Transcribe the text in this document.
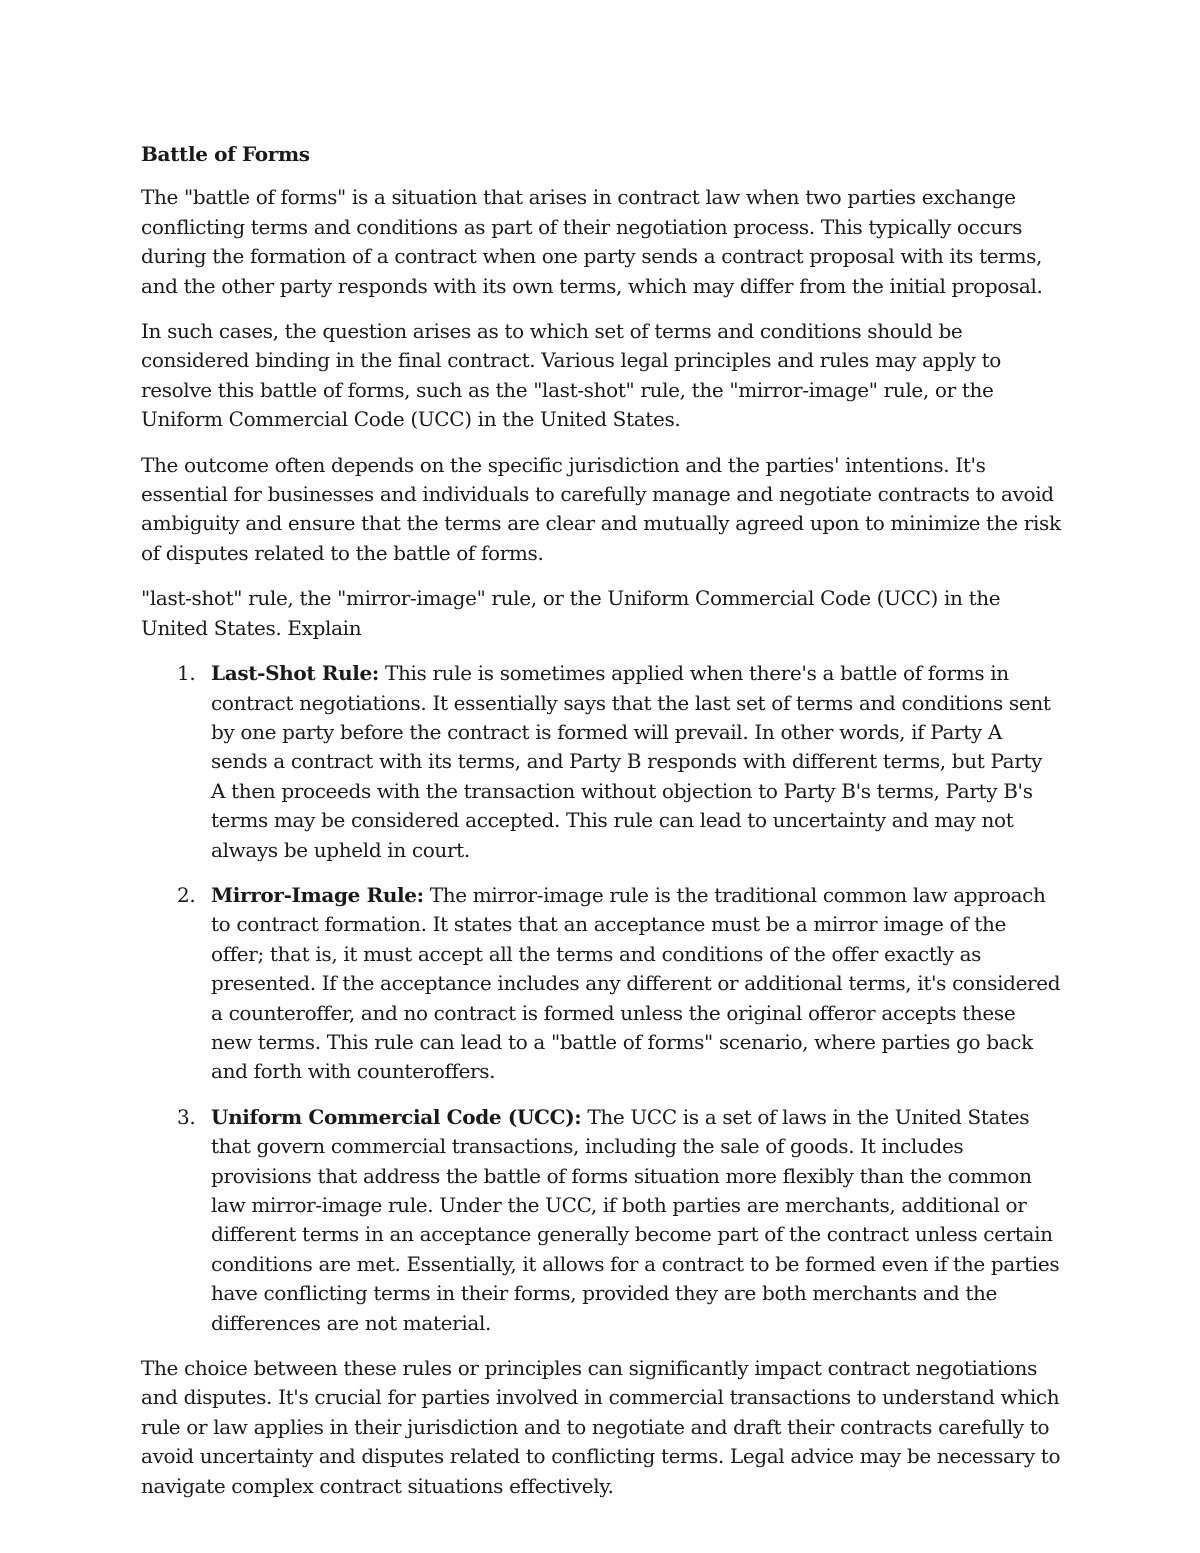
Battle of Forms

The "battle of forms" is a situation that arises in contract law when two parties exchange conflicting terms and conditions as part of their negotiation process. This typically occurs during the formation of a contract when one party sends a contract proposal with its terms, and the other party responds with its own terms, which may differ from the initial proposal.

In such cases, the question arises as to which set of terms and conditions should be considered binding in the final contract. Various legal principles and rules may apply to resolve this battle of forms, such as the "last-shot" rule, the "mirror-image" rule, or the Uniform Commercial Code (UCC) in the United States.

The outcome often depends on the specific jurisdiction and the parties' intentions. It's essential for businesses and individuals to carefully manage and negotiate contracts to avoid ambiguity and ensure that the terms are clear and mutually agreed upon to minimize the risk of disputes related to the battle of forms.

"last-shot" rule, the "mirror-image" rule, or the Uniform Commercial Code (UCC) in the United States. Explain

1. Last-Shot Rule: This rule is sometimes applied when there's a battle of forms in contract negotiations. It essentially says that the last set of terms and conditions sent by one party before the contract is formed will prevail. In other words, if Party A sends a contract with its terms, and Party B responds with different terms, but Party A then proceeds with the transaction without objection to Party B's terms, Party B's terms may be considered accepted. This rule can lead to uncertainty and may not always be upheld in court.
2. Mirror-Image Rule: The mirror-image rule is the traditional common law approach to contract formation. It states that an acceptance must be a mirror image of the offer; that is, it must accept all the terms and conditions of the offer exactly as presented. If the acceptance includes any different or additional terms, it's considered a counteroffer, and no contract is formed unless the original offeror accepts these new terms. This rule can lead to a "battle of forms" scenario, where parties go back and forth with counteroffers.
3. Uniform Commercial Code (UCC): The UCC is a set of laws in the United States that govern commercial transactions, including the sale of goods. It includes provisions that address the battle of forms situation more flexibly than the common law mirror-image rule. Under the UCC, if both parties are merchants, additional or different terms in an acceptance generally become part of the contract unless certain conditions are met. Essentially, it allows for a contract to be formed even if the parties have conflicting terms in their forms, provided they are both merchants and the differences are not material.

The choice between these rules or principles can significantly impact contract negotiations and disputes. It's crucial for parties involved in commercial transactions to understand which rule or law applies in their jurisdiction and to negotiate and draft their contracts carefully to avoid uncertainty and disputes related to conflicting terms. Legal advice may be necessary to navigate complex contract situations effectively.
